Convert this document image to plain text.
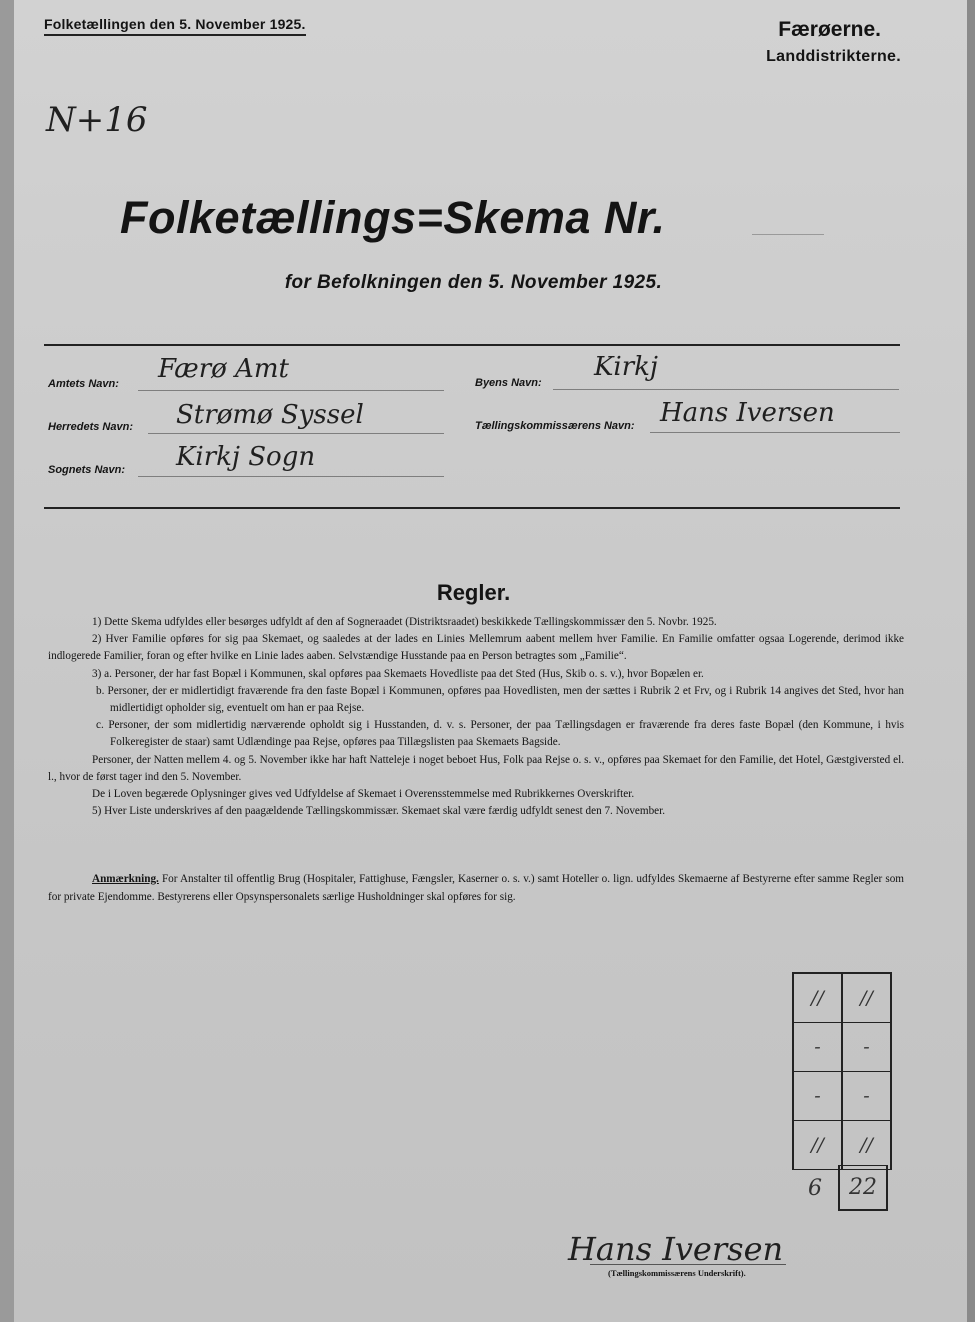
Folketællingen den 5. November 1925.	Færøerne.
Landdistrikterne.
N+16
Folketællings=Skema Nr.
for Befolkningen den 5. November 1925.
Amtets Navn: Færø Amt
Herredets Navn: Strømø Syssel
Sognets Navn: Kirkj Sogn
Byens Navn:
Kirkj
Tællingskommissærens Navn: Hans Iversen
Regler.

1) Dette Skema udfyldes eller besørges udfyldt af den af Sogneraadet (Distriktsraadet) beskikkede Tællingskommissær den 5. Novbr. 1925.

2) Hver Familie opføres for sig paa Skemaet, og saaledes at der lades en Linies Mellemrum aabent mellem hver Familie. En Familie omfatter ogsaa Logerende, derimod ikke indlogerede Familier, foran og efter hvilke en Linie lades aaben. Selvstændige Husstande paa en Person betragtes som „Familie“.

3) a. Personer, der har fast Bopæl i Kommunen, skal opføres paa Skemaets Hovedliste paa det Sted (Hus, Skib o. s. v.), hvor Bopælen er.

b. Personer, der er midlertidigt fraværende fra den faste Bopæl i Kommunen, opføres paa Hovedlisten, men der sættes i Rubrik 2 et Frv, og i Rubrik 14 angives det Sted, hvor han midlertidigt opholder sig, eventuelt om han er paa Rejse.

c. Personer, der som midlertidig nærværende opholdt sig i Husstanden, d. v. s. Personer, der paa Tællingsdagen er fraværende fra deres faste Bopæl (den Kommune, i hvis Folkeregister de staar) samt Udlændinge paa Rejse, opføres paa Tillægslisten paa Skemaets Bagside.

Personer, der Natten mellem 4. og 5. November ikke har haft Natteleje i noget beboet Hus, Folk paa Rejse o. s. v., opføres paa Skemaet for den Familie, det Hotel, Gæstgiversted el. l., hvor de først tager ind den 5. November.

De i Loven begærede Oplysninger gives ved Udfyldelse af Skemaet i Overensstemmelse med Rubrikkernes Overskrifter.

5) Hver Liste underskrives af den paagældende Tællingskommissær. Skemaet skal være færdig udfyldt senest den 7. November.

Anmærkning. For Anstalter til offentlig Brug (Hospitaler, Fattighuse, Fængsler, Kaserner o. s. v.) samt Hoteller o. lign. udfyldes Skemaerne af Bestyrerne efter samme Regler som for private Ejendomme. Bestyrerens eller Opsynspersonalets særlige Husholdninger skal opføres for sig.
//	//
-	-
-	-
//	//
6	22
Hans Iversen
(Tællingskommissærens Underskrift).
